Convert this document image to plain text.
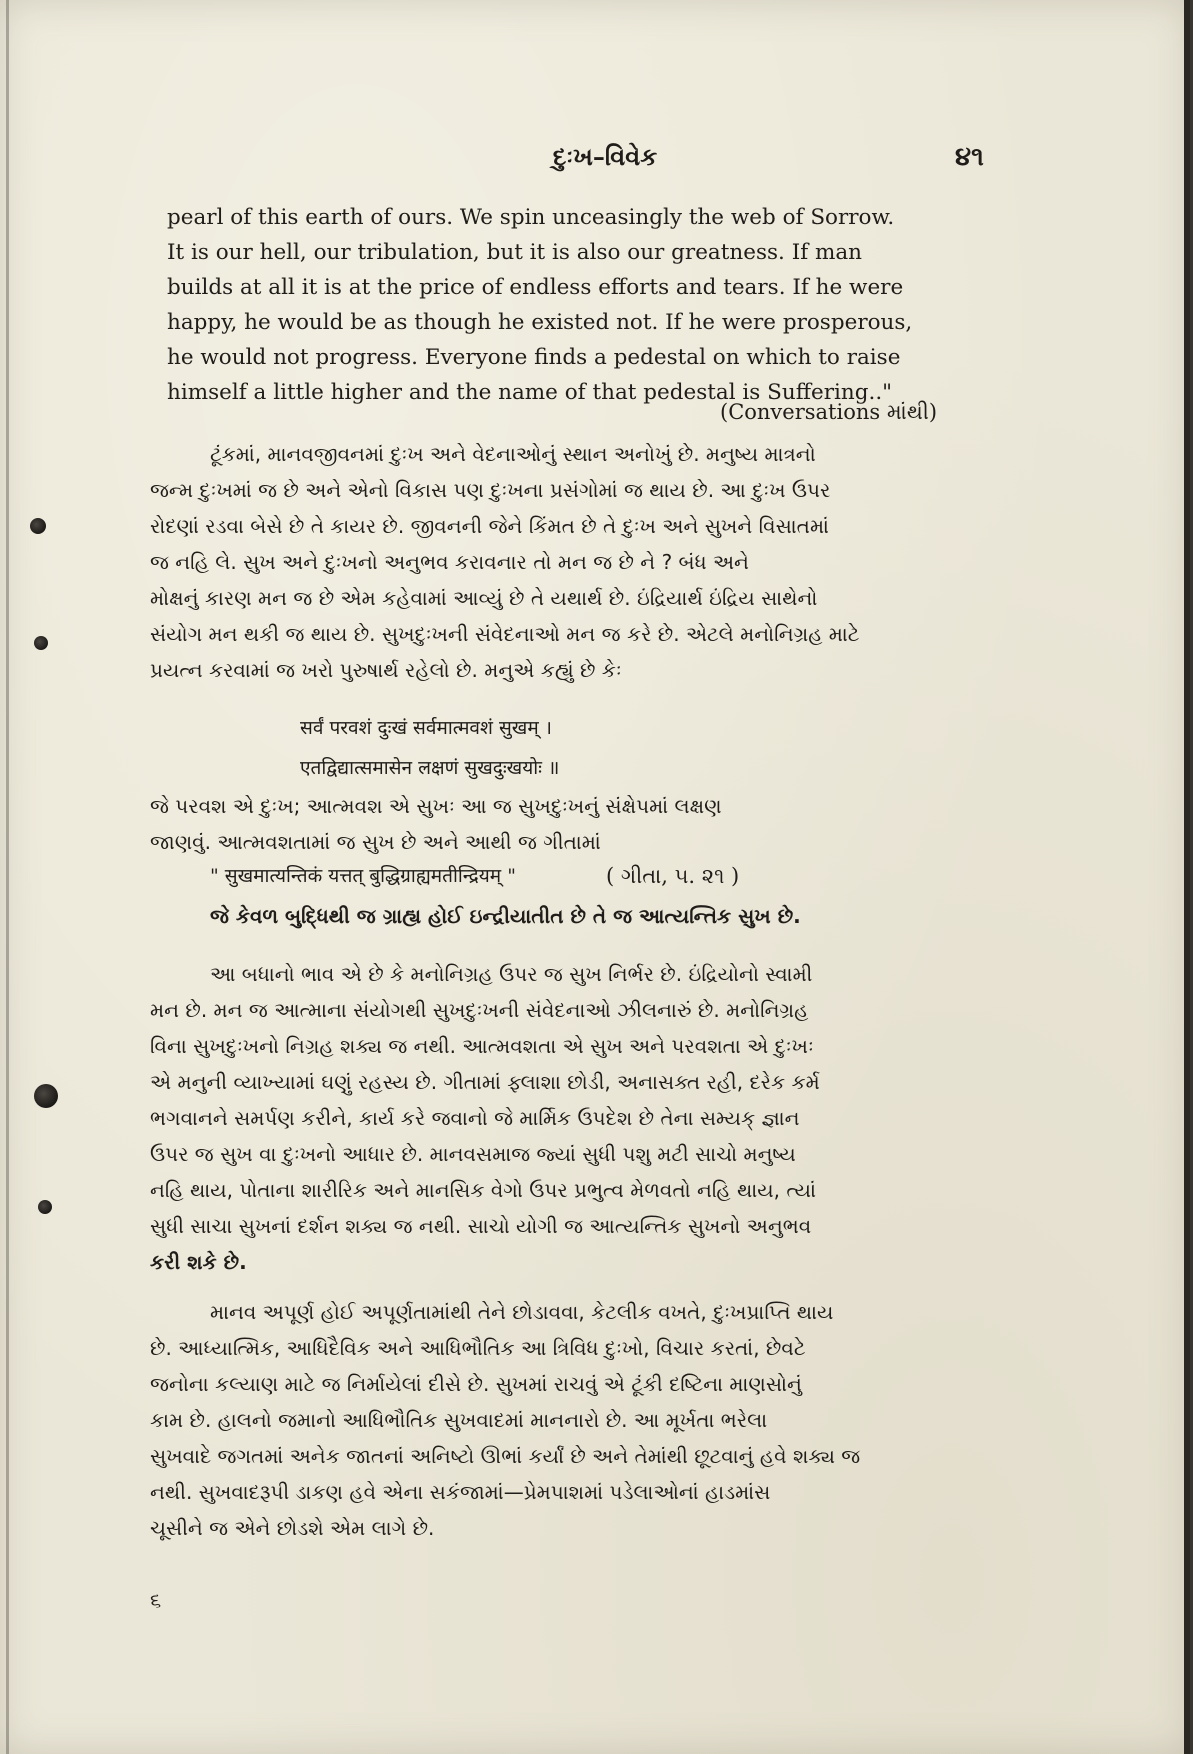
દુઃખ–વિવેક	૪૧
pearl of this earth of ours. We spin unceasingly the web of Sorrow.
It is our hell, our tribulation, but it is also our greatness. If man
builds at all it is at the price of endless efforts and tears. If he were
happy, he would be as though he existed not. If he were prosperous,
he would not progress. Everyone finds a pedestal on which to raise
himself a little higher and the name of that pedestal is Suffering.."
(Conversations માંથી)
ટૂંકમાં, માનવજીવનમાં દુઃખ અને વેદનાઓનું સ્થાન અનોખું છે. મનુષ્ય માત્રનો
જન્મ દુઃખમાં જ છે અને એનો વિકાસ પણ દુઃખના પ્રસંગોમાં જ થાય છે. આ દુઃખ ઉપર
રોદણાં રડવા બેસે છે તે કાયર છે. જીવનની જેને કિંમત છે તે દુઃખ અને સુખને વિસાતમાં
જ નહિ લે. સુખ અને દુઃખનો અનુભવ કરાવનાર તો મન જ છે ને ? બંધ અને
મોક્ષનું કારણ મન જ છે એમ કહેવામાં આવ્યું છે તે યથાર્થ છે. ઇંદ્રિયાર્થ ઇંદ્રિય સાથેનો
સંયોગ મન થકી જ થાય છે. સુખદુઃખની સંવેદનાઓ મન જ કરે છે. એટલે મનોનિગ્રહ માટે
પ્રયત્ન કરવામાં જ ખરો પુરુષાર્થ રહેલો છે. મનુએ કહ્યું છે કેઃ
सर्वं परवशं दुःखं सर्वमात्मवशं सुखम् ।
एतद्विद्यात्समासेन लक्षणं सुखदुःखयोः ॥
જે પરવશ એ દુઃખ; આત્મવશ એ સુખઃ આ જ સુખદુઃખનું સંક્ષેપમાં લક્ષણ
જાણવું. આત્મવશતામાં જ સુખ છે અને આથી જ ગીતામાં
" सुखमात्यन्तिकं यत्तत् बुद्धिग्राह्यमतीन्द्रियम् "	( ગીતા, ૫. ૨૧ )
જે કેવળ બુદ્ધિથી જ ગ્રાહ્ય હોઈ ઇન્દ્રીયાતીત છે તે જ આત્યન્તિક સુખ છે.
આ બધાનો ભાવ એ છે કે મનોનિગ્રહ ઉપર જ સુખ નિર્ભર છે. ઇંદ્રિયોનો સ્વામી
મન છે. મન જ આત્માના સંયોગથી સુખદુઃખની સંવેદનાઓ ઝીલનારું છે. મનોનિગ્રહ
વિના સુખદુઃખનો નિગ્રહ શક્ય જ નથી. આત્મવશતા એ સુખ અને પરવશતા એ દુઃખઃ
એ મનુની વ્યાખ્યામાં ઘણું રહસ્ય છે. ગીતામાં ફ્લાશા છોડી, અનાસક્ત રહી, દરેક કર્મ
ભગવાનને સમર્પણ કરીને, કાર્ય કરે જવાનો જે માર્મિક ઉપદેશ છે તેના સમ્યક્ જ્ઞાન
ઉપર જ સુખ વા દુઃખનો આધાર છે. માનવસમાજ જ્યાં સુધી પશુ મટી સાચો મનુષ્ય
નહિ થાય, પોતાના શારીરિક અને માનસિક વેગો ઉપર પ્રભુત્વ મેળવતો નહિ થાય, ત્યાં
સુધી સાચા સુખનાં દર્શન શક્ય જ નથી. સાચો યોગી જ આત્યન્તિક સુખનો અનુભવ
કરી શકે છે.
માનવ અપૂર્ણ હોઈ અપૂર્ણતામાંથી તેને છોડાવવા, કેટલીક વખતે, દુઃખપ્રાપ્તિ થાય
છે. આધ્યાત્મિક, આધિદૈવિક અને આધિભૌતિક આ ત્રિવિધ દુઃખો, વિચાર કરતાં, છેવટે
જનોના કલ્યાણ માટે જ નિર્માયેલાં દીસે છે. સુખમાં રાચવું એ ટૂંકી દષ્ટિના માણસોનું
કામ છે. હાલનો જમાનો આધિભૌતિક સુખવાદમાં માનનારો છે. આ મૂર્ખતા ભરેલા
સુખવાદે જગતમાં અનેક જાતનાં અનિષ્ટો ઊભાં કર્યાં છે અને તેમાંથી છૂટવાનું હવે શક્ય જ
નથી. સુખવાદરૂપી ડાકણ હવે એના સકંજામાં—પ્રેમપાશમાં પડેલાઓનાં હાડમાંસ
ચૂસીને જ એને છોડશે એમ લાગે છે.
૬
